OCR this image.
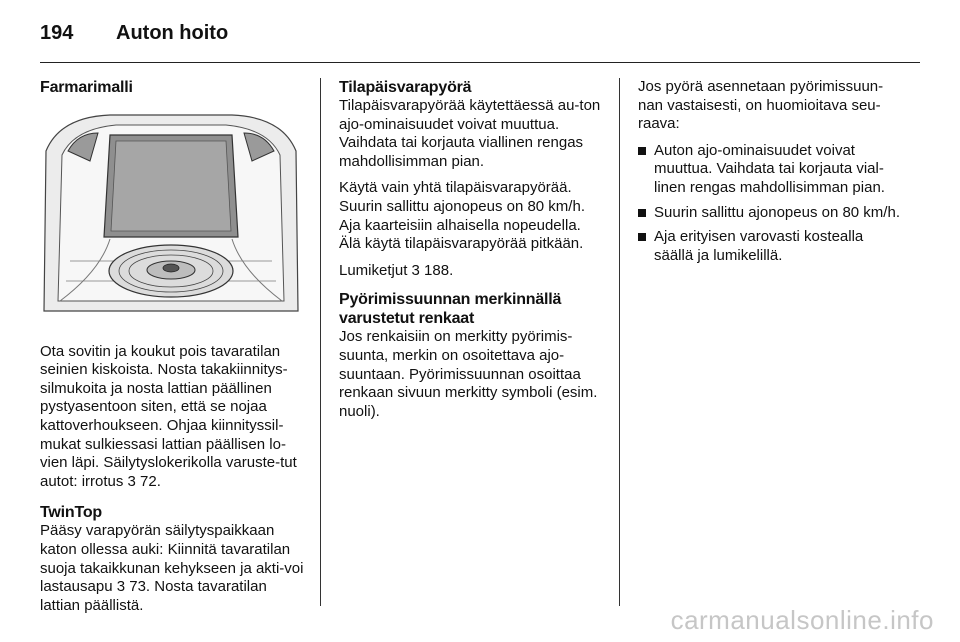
194 Auton hoito
Farmarimalli

Ota sovitin ja koukut pois tavaratilan seinien kiskoista. Nosta takakiinnitys-silmukoita ja nosta lattian päällinen pystyasentoon siten, että se nojaa kattoverhoukseen. Ohjaa kiinnityssil-mukat sulkiessasi lattian päällisen lo-vien läpi. Säilytyslokerikolla varuste-tut autot: irrotus 3 72.

TwinTop

Pääsy varapyörän säilytyspaikkaan katon ollessa auki: Kiinnitä tavaratilan suoja takaikkunan kehykseen ja akti-voi lastausapu 3 73. Nosta tavaratilan lattian päällistä.

Tilapäisvarapyörä

Tilapäisvarapyörää käytettäessä au-ton ajo-ominaisuudet voivat muuttua. Vaihdata tai korjauta viallinen rengas mahdollisimman pian.

Käytä vain yhtä tilapäisvarapyörää. Suurin sallittu ajonopeus on 80 km/h. Aja kaarteisiin alhaisella nopeudella. Älä käytä tilapäisvarapyörää pitkään.

Lumiketjut 3 188.

Pyörimissuunnan merkinnällä varustetut renkaat

Jos renkaisiin on merkitty pyörimis-suunta, merkin on osoitettava ajo-suuntaan. Pyörimissuunnan osoittaa renkaan sivuun merkitty symboli (esim. nuoli).

Jos pyörä asennetaan pyörimissuun-nan vastaisesti, on huomioitava seu-raava:

Auton ajo-ominaisuudet voivat muuttua. Vaihdata tai korjauta vial-linen rengas mahdollisimman pian.
Suurin sallittu ajonopeus on 80 km/h.
Aja erityisen varovasti kostealla säällä ja lumikelillä.
carmanualsonline.info
